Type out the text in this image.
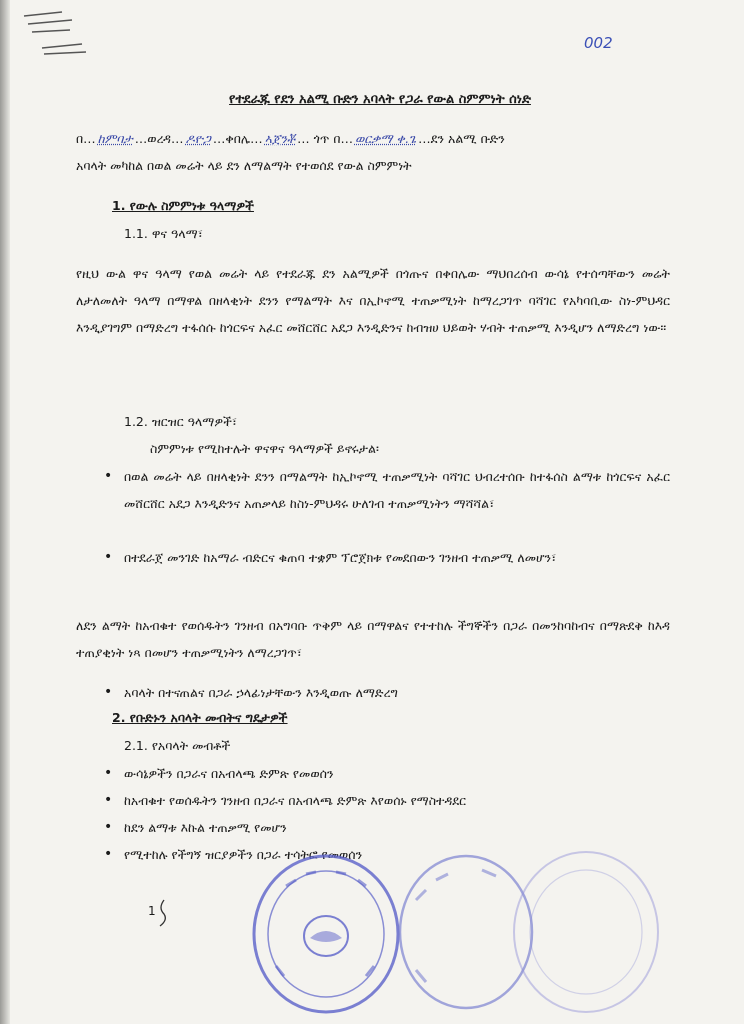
002
የተደራጁ የደን አልሚ ቡድን አባላት የጋራ የውል ስምምነት ሰነድ
በ… ከምባታ …ወረዳ… ዶዮጋ …ቀበሌ… ኣጀንቾ … ጎጥ በ… ወርቃማ ቀ.ጌ …ደን አልሚ ቡድን
አባላት መካከል በወል መሬት ላይ ደን ለማልማት የተወሰደ የውል ስምምነት
1. የውሉ ስምምነቱ ዓላማዎች
1.1. ዋና ዓላማ፣
የዚህ ውል ዋና ዓላማ የወል መሬት ላይ የተደራጁ ደን አልሚዎች በጎጡና በቀበሌው ማህበረሰብ ውሳኔ የተሰጣቸውን መሬት ለታለመለት ዓላማ በማዋል በዘላቂነት ደንን የማልማት እና በኢኮኖሚ ተጠቃሚነት ከማረጋገጥ ባሻገር የአካባቢው ስነ-ምህዳር እንዲያገግም በማድረግ ተፋሰሱ ከጎርፍና አፈር መሸርሸር አደጋ እንዲድንና ከብዝሀ ህይወት ሃብት ተጠቃሚ እንዲሆን ለማድረግ ነው፡፡
1.2. ዝርዝር ዓላማዎች፣
ስምምነቱ የሚከተሉት ዋናዋና ዓላማዎች ይኖሩታል፡
• በወል መሬት ላይ በዘላቂነት ደንን በማልማት ከኢኮኖሚ ተጠቃሚነት ባሻገር ህብረተሰቡ ከተፋሰስ ልማቱ ከጎርፍና አፈር መሸርሸር አደጋ እንዲድንና አጠቃላይ ከስነ-ምህዳሩ ሁለገብ ተጠቃሚነትን ማሻሻል፣
• በተደራጀ መንገድ ከአማራ ብድርና ቁጠባ ተቋም ፕሮጀክቱ የመደበውን ገንዘብ ተጠቃሚ ለመሆን፣
ለደን ልማት ከአብቁተ የወሰዱትን ገንዘብ በአግባቡ ጥቅም ላይ በማዋልና የተተከሉ ችግኞችን በጋራ በመንከባከብና በማጽደቅ ከእዳ ተጠያቂነት ነጻ በመሆን ተጠቃሚነትን ለማረጋገጥ፣
• አባላት በተናጠልና በጋራ ኃላፊነታቸውን እንዲወጡ ለማድረግ
2. የቡድኑን አባላት መብትና ግዴታዎች
2.1. የአባላት መብቶች
• ውሳኔዎችን በጋራና በአብላጫ ድምጽ የመወሰን
• ከአብቁተ የወሰዱትን ገንዘብ በጋራና በአብላጫ ድምጽ እየወሰኑ የማስተዳደር
• ከደን ልማቱ እኩል ተጠቃሚ የመሆን
• የሚተከሉ የችግኝ ዝርያዎችን በጋራ ተሳትፎ የመወሰን
1
